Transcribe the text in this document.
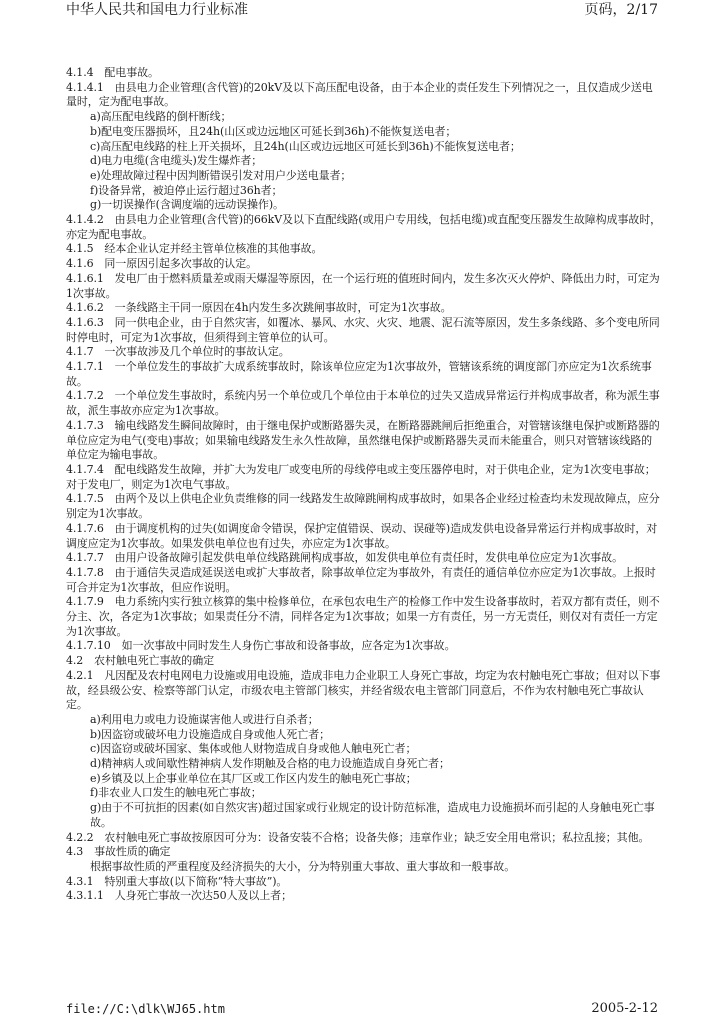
中华人民共和国电力行业标准	页码，2/17

4.1.4　配电事故。

4.1.4.1　由县电力企业管理(含代管)的20kV及以下高压配电设备，由于本企业的责任发生下列情况之一，且仅造成少送电量时，定为配电事故。

a)高压配电线路的倒杆断线；

b)配电变压器损坏，且24h(山区或边远地区可延长到36h)不能恢复送电者；

c)高压配电线路的柱上开关损坏，且24h(山区或边远地区可延长到36h)不能恢复送电者；

d)电力电缆(含电缆头)发生爆炸者；

e)处理故障过程中因判断错误引发对用户少送电量者；

f)设备异常，被迫停止运行超过36h者；

g)一切误操作(含调度端的远动误操作)。

4.1.4.2　由县电力企业管理(含代管)的66kV及以下直配线路(或用户专用线，包括电缆)或直配变压器发生故障构成事故时，亦定为配电事故。

4.1.5　经本企业认定并经主管单位核准的其他事故。

4.1.6　同一原因引起多次事故的认定。

4.1.6.1　发电厂由于燃料质量差或雨天爆湿等原因，在一个运行班的值班时间内，发生多次灭火停炉、降低出力时，可定为1次事故。

4.1.6.2　一条线路主干同一原因在4h内发生多次跳闸事故时，可定为1次事故。

4.1.6.3　同一供电企业，由于自然灾害，如覆冰、暴风、水灾、火灾、地震、泥石流等原因，发生多条线路、多个变电所同时停电时，可定为1次事故，但须得到主管单位的认可。

4.1.7　一次事故涉及几个单位时的事故认定。

4.1.7.1　一个单位发生的事故扩大成系统事故时，除该单位应定为1次事故外，管辖该系统的调度部门亦应定为1次系统事故。

4.1.7.2　一个单位发生事故时，系统内另一个单位或几个单位由于本单位的过失又造成异常运行并构成事故者，称为派生事故，派生事故亦应定为1次事故。

4.1.7.3　输电线路发生瞬间故障时，由于继电保护或断路器失灵，在断路器跳闸后拒绝重合，对管辖该继电保护或断路器的单位应定为电气(变电)事故；如果输电线路发生永久性故障，虽然继电保护或断路器失灵而未能重合，则只对管辖该线路的单位定为输电事故。

4.1.7.4　配电线路发生故障，并扩大为发电厂或变电所的母线停电或主变压器停电时，对于供电企业，定为1次变电事故；对于发电厂，则定为1次电气事故。

4.1.7.5　由两个及以上供电企业负责维修的同一线路发生故障跳闸构成事故时，如果各企业经过检查均未发现故障点，应分别定为1次事故。

4.1.7.6　由于调度机构的过失(如调度命令错误，保护定值错误、误动、误碰等)造成发供电设备异常运行并构成事故时，对调度应定为1次事故。如果发供电单位也有过失，亦应定为1次事故。

4.1.7.7　由用户设备故障引起发供电单位线路跳闸构成事故，如发供电单位有责任时，发供电单位应定为1次事故。

4.1.7.8　由于通信失灵造成延误送电或扩大事故者，除事故单位定为事故外，有责任的通信单位亦应定为1次事故。上报时可合并定为1次事故，但应作说明。

4.1.7.9　电力系统内实行独立核算的集中检修单位，在承包农电生产的检修工作中发生设备事故时，若双方都有责任，则不分主、次，各定为1次事故；如果责任分不清，同样各定为1次事故；如果一方有责任，另一方无责任，则仅对有责任一方定为1次事故。

4.1.7.10　如一次事故中同时发生人身伤亡事故和设备事故，应各定为1次事故。

4.2　农村触电死亡事故的确定

4.2.1　凡因配及农村电网电力设施或用电设施，造成非电力企业职工人身死亡事故，均定为农村触电死亡事故；但对以下事故，经县级公安、检察等部门认定，市级农电主管部门核实，并经省级农电主管部门同意后，不作为农村触电死亡事故认定。

a)利用电力或电力设施谋害他人或进行自杀者；

b)因盗窃或破坏电力设施造成自身或他人死亡者；

c)因盗窃或破坏国家、集体或他人财物造成自身或他人触电死亡者；

d)精神病人或间歇性精神病人发作期触及合格的电力设施造成自身死亡者；

e)乡镇及以上企事业单位在其厂区或工作区内发生的触电死亡事故；

f)非农业人口发生的触电死亡事故；

g)由于不可抗拒的因素(如自然灾害)超过国家或行业规定的设计防范标准，造成电力设施损坏而引起的人身触电死亡事故。

4.2.2　农村触电死亡事故按原因可分为：设备安装不合格；设备失修；违章作业；缺乏安全用电常识；私拉乱接；其他。

4.3　事故性质的确定

根据事故性质的严重程度及经济损失的大小，分为特别重大事故、重大事故和一般事故。

4.3.1　特别重大事故(以下简称“特大事故”)。

4.3.1.1　人身死亡事故一次达50人及以上者；

file://C:\dlk\WJ65.htm	2005-2-12
